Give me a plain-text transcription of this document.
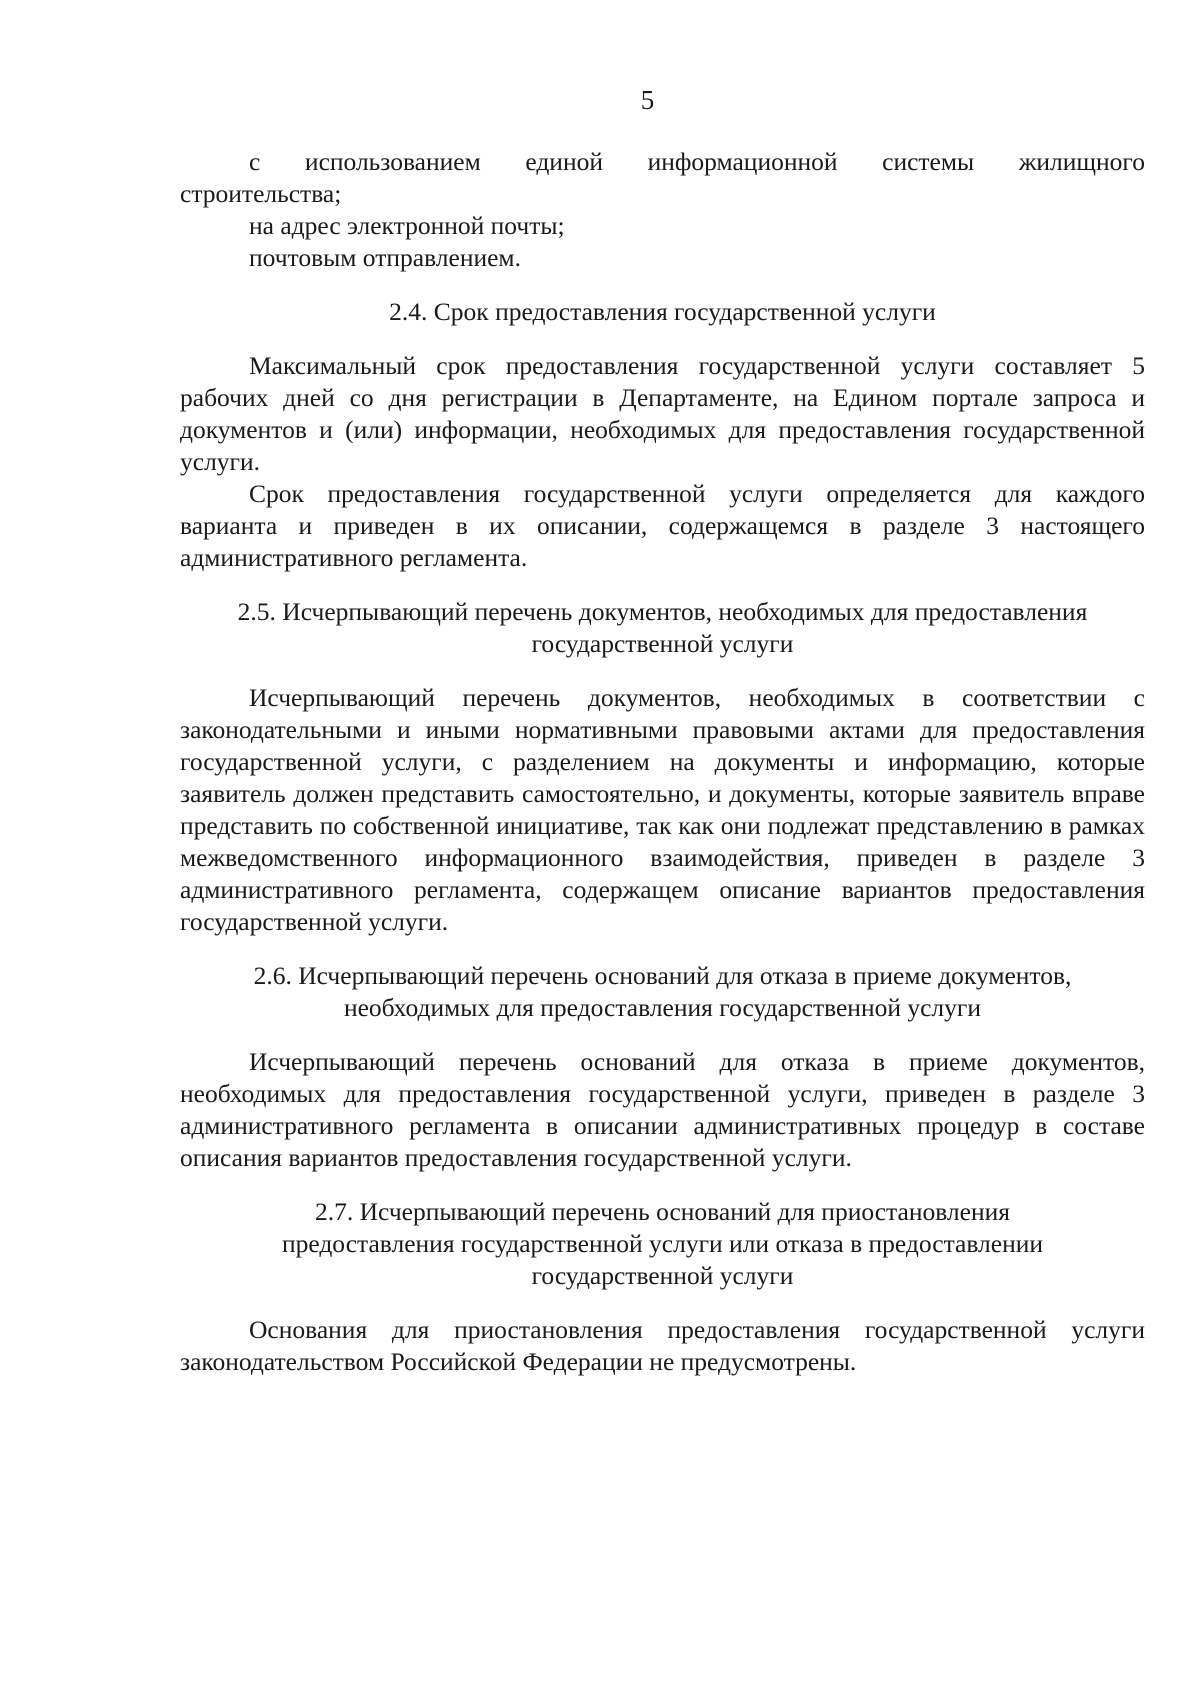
5

с использованием единой информационной системы жилищного

строительства;

на адрес электронной почты;

почтовым отправлением.

2.4. Срок предоставления государственной услуги

Максимальный срок предоставления государственной услуги составляет 5 рабочих дней со дня регистрации в Департаменте, на Едином портале запроса и документов и (или) информации, необходимых для предоставления государственной услуги.

Срок предоставления государственной услуги определяется для каждого варианта и приведен в их описании, содержащемся в разделе 3 настоящего административного регламента.

2.5. Исчерпывающий перечень документов, необходимых для предоставления
государственной услуги

Исчерпывающий перечень документов, необходимых в соответствии с законодательными и иными нормативными правовыми актами для предоставления государственной услуги, с разделением на документы и информацию, которые заявитель должен представить самостоятельно, и документы, которые заявитель вправе представить по собственной инициативе, так как они подлежат представлению в рамках межведомственного информационного взаимодействия, приведен в разделе 3 административного регламента, содержащем описание вариантов предоставления государственной услуги.

2.6. Исчерпывающий перечень оснований для отказа в приеме документов,
необходимых для предоставления государственной услуги

Исчерпывающий перечень оснований для отказа в приеме документов, необходимых для предоставления государственной услуги, приведен в разделе 3 административного регламента в описании административных процедур в составе описания вариантов предоставления государственной услуги.

2.7. Исчерпывающий перечень оснований для приостановления
предоставления государственной услуги или отказа в предоставлении
государственной услуги

Основания для приостановления предоставления государственной услуги законодательством Российской Федерации не предусмотрены.
